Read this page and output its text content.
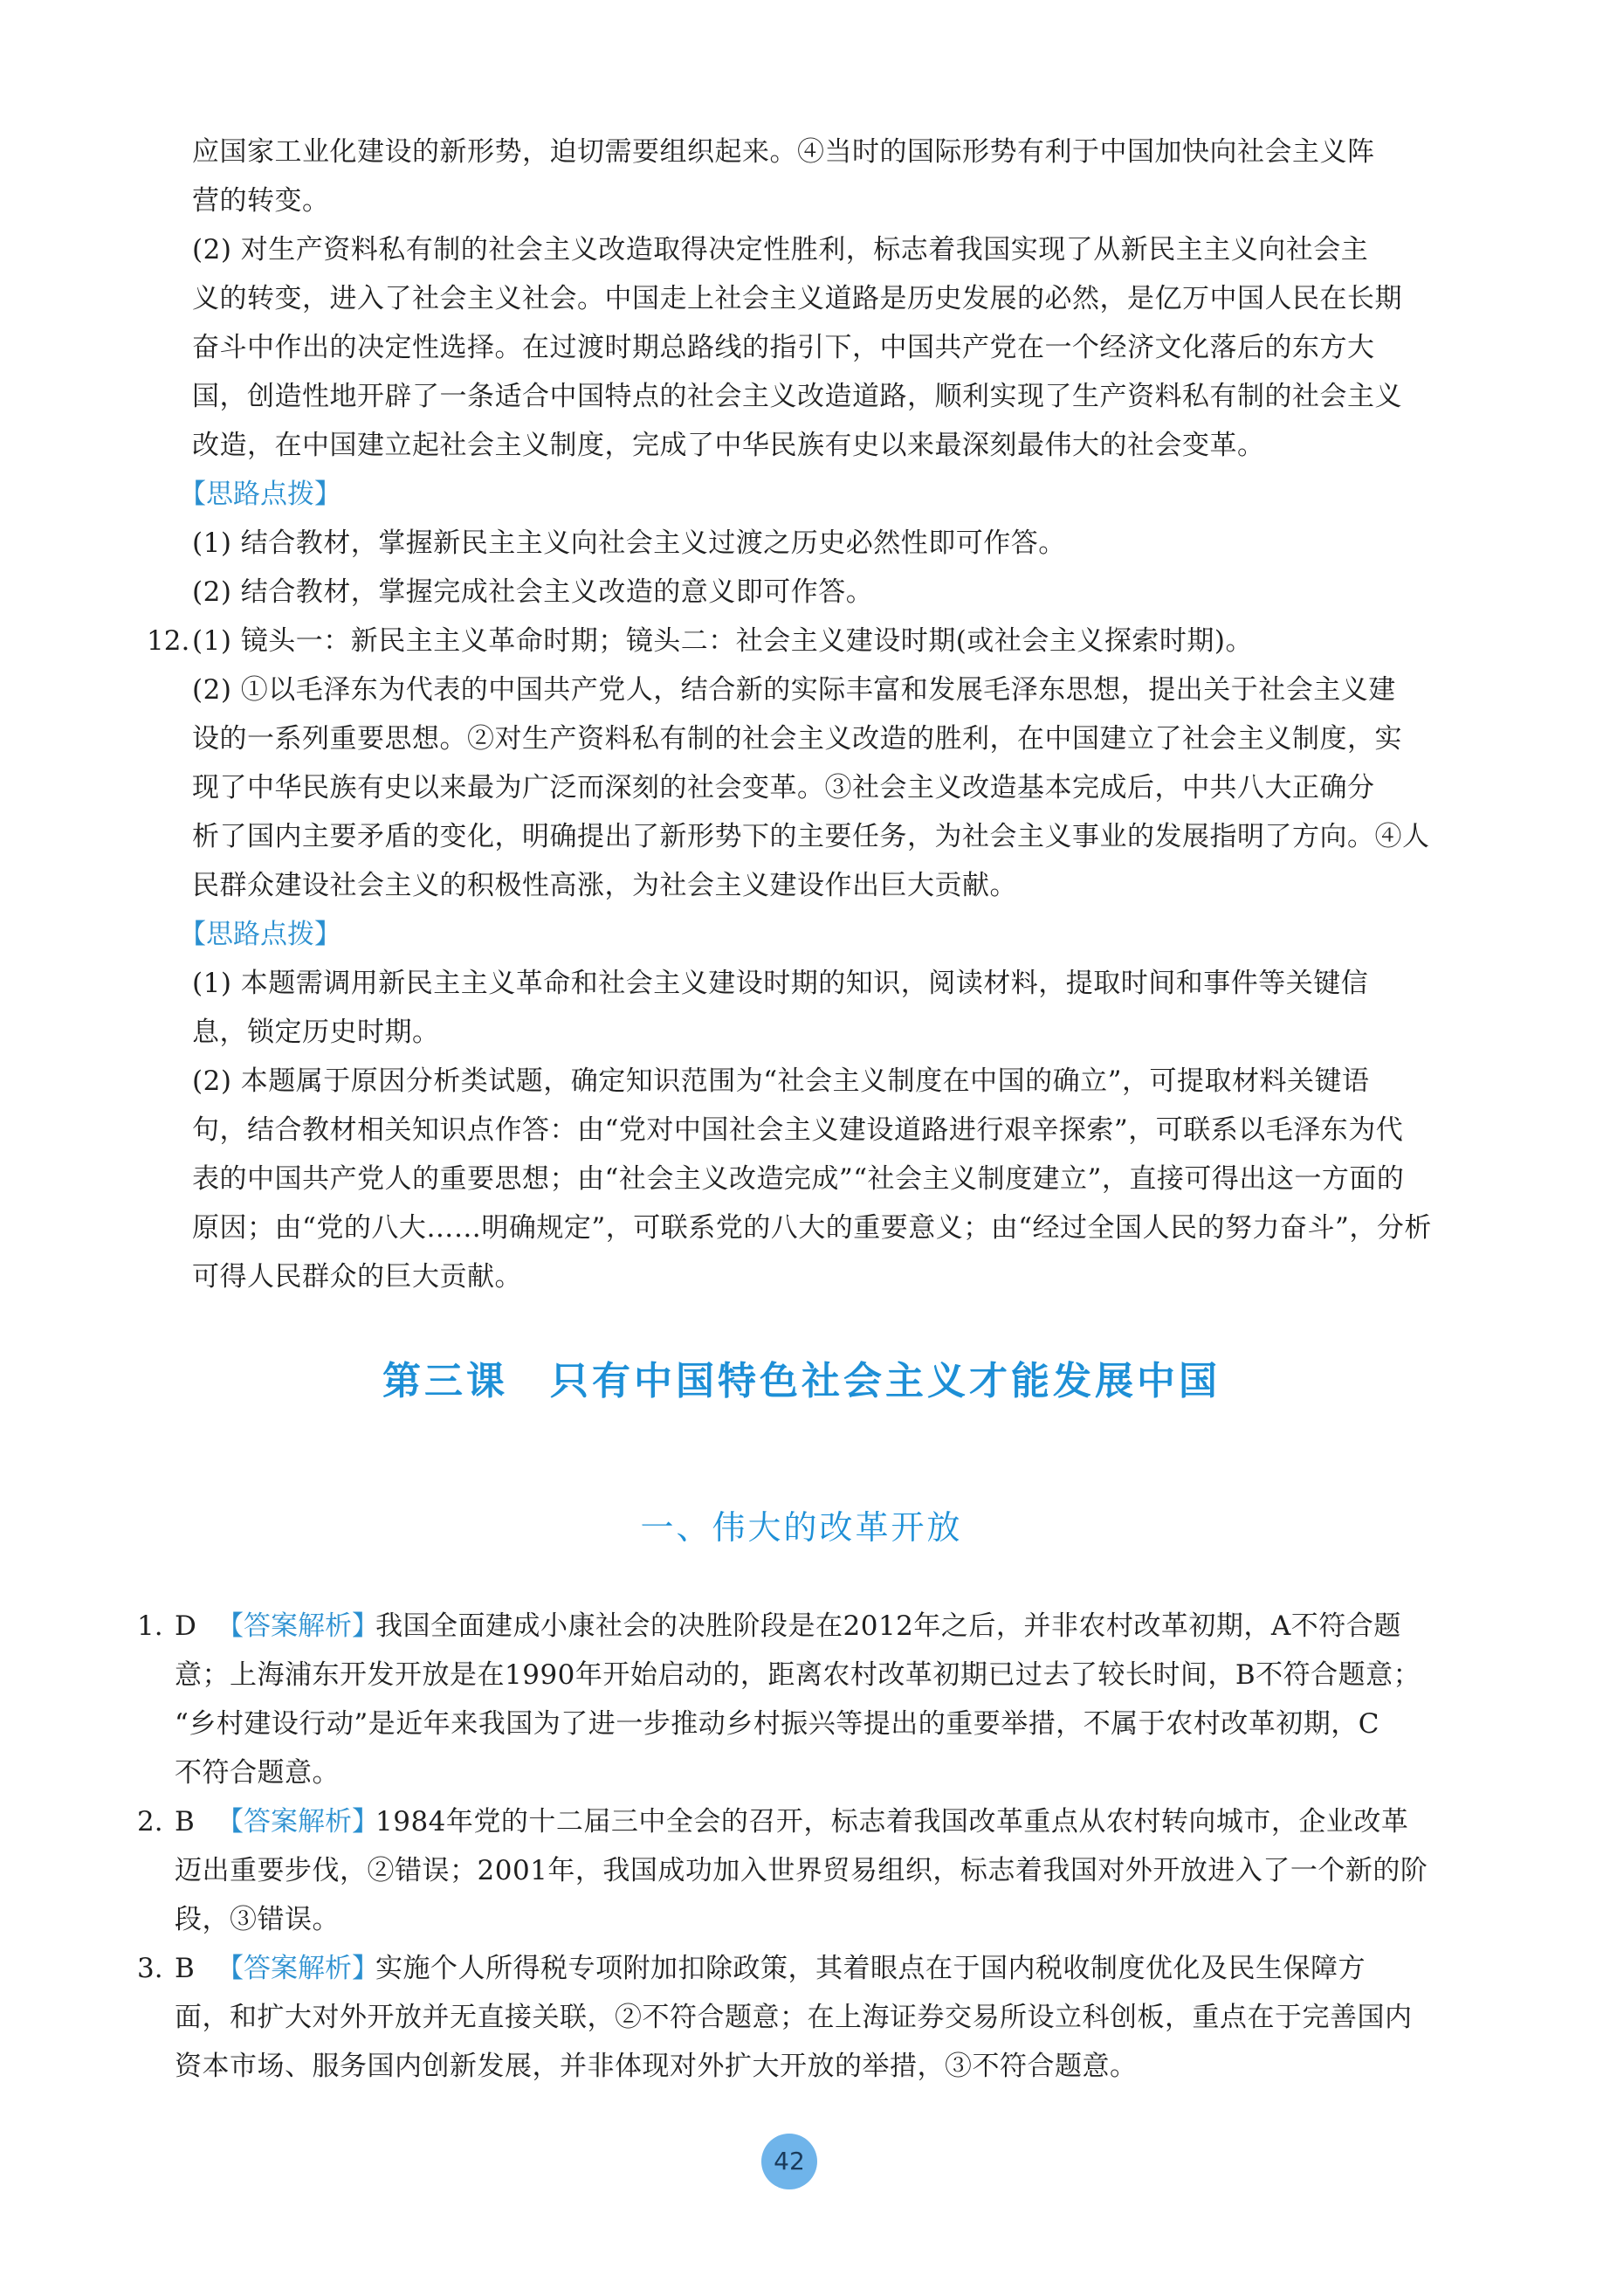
应国家工业化建设的新形势，迫切需要组织起来。④当时的国际形势有利于中国加快向社会主义阵
营的转变。
(2) 对生产资料私有制的社会主义改造取得决定性胜利，标志着我国实现了从新民主主义向社会主
义的转变，进入了社会主义社会。中国走上社会主义道路是历史发展的必然，是亿万中国人民在长期
奋斗中作出的决定性选择。在过渡时期总路线的指引下，中国共产党在一个经济文化落后的东方大
国，创造性地开辟了一条适合中国特点的社会主义改造道路，顺利实现了生产资料私有制的社会主义
改造，在中国建立起社会主义制度，完成了中华民族有史以来最深刻最伟大的社会变革。
【思路点拨】
(1) 结合教材，掌握新民主主义向社会主义过渡之历史必然性即可作答。
(2) 结合教材，掌握完成社会主义改造的意义即可作答。
12. (1) 镜头一：新民主主义革命时期；镜头二：社会主义建设时期(或社会主义探索时期)。
(2) ①以毛泽东为代表的中国共产党人，结合新的实际丰富和发展毛泽东思想，提出关于社会主义建
设的一系列重要思想。②对生产资料私有制的社会主义改造的胜利，在中国建立了社会主义制度，实
现了中华民族有史以来最为广泛而深刻的社会变革。③社会主义改造基本完成后，中共八大正确分
析了国内主要矛盾的变化，明确提出了新形势下的主要任务，为社会主义事业的发展指明了方向。④人
民群众建设社会主义的积极性高涨，为社会主义建设作出巨大贡献。
【思路点拨】
(1) 本题需调用新民主主义革命和社会主义建设时期的知识，阅读材料，提取时间和事件等关键信
息，锁定历史时期。
(2) 本题属于原因分析类试题，确定知识范围为“社会主义制度在中国的确立”，可提取材料关键语
句，结合教材相关知识点作答：由“党对中国社会主义建设道路进行艰辛探索”，可联系以毛泽东为代
表的中国共产党人的重要思想；由“社会主义改造完成”“社会主义制度建立”，直接可得出这一方面的
原因；由“党的八大……明确规定”，可联系党的八大的重要意义；由“经过全国人民的努力奋斗”，分析
可得人民群众的巨大贡献。
第三课　只有中国特色社会主义才能发展中国
一、伟大的改革开放
1. D 【答案解析】
我国全面建成小康社会的决胜阶段是在2012年之后，并非农村改革初期，A不符合题
意；上海浦东开发开放是在1990年开始启动的，距离农村改革初期已过去了较长时间，B不符合题意；
“乡村建设行动”是近年来我国为了进一步推动乡村振兴等提出的重要举措，不属于农村改革初期，C
不符合题意。
2. B 【答案解析】
1984年党的十二届三中全会的召开，标志着我国改革重点从农村转向城市，企业改革
迈出重要步伐，②错误；2001年，我国成功加入世界贸易组织，标志着我国对外开放进入了一个新的阶
段，③错误。
3. B 【答案解析】
实施个人所得税专项附加扣除政策，其着眼点在于国内税收制度优化及民生保障方
面，和扩大对外开放并无直接关联，②不符合题意；在上海证券交易所设立科创板，重点在于完善国内
资本市场、服务国内创新发展，并非体现对外扩大开放的举措，③不符合题意。
42
